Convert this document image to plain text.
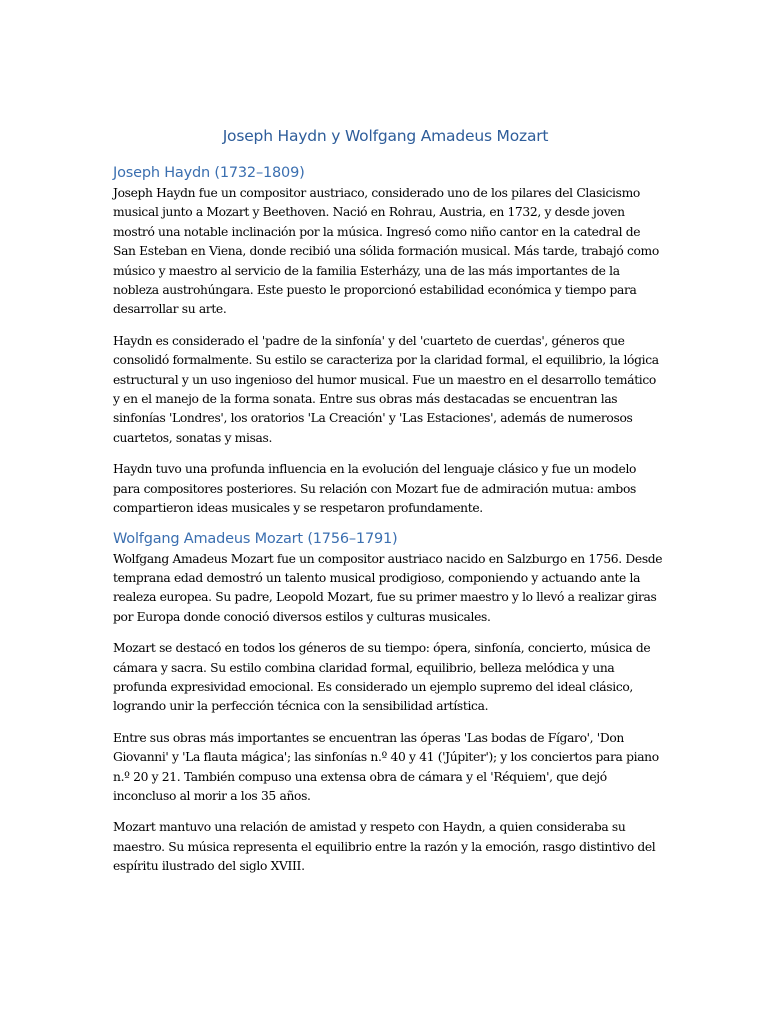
Joseph Haydn y Wolfgang Amadeus Mozart
Joseph Haydn (1732–1809)

Joseph Haydn fue un compositor austriaco, considerado uno de los pilares del Clasicismo
musical junto a Mozart y Beethoven. Nació en Rohrau, Austria, en 1732, y desde joven
mostró una notable inclinación por la música. Ingresó como niño cantor en la catedral de
San Esteban en Viena, donde recibió una sólida formación musical. Más tarde, trabajó como
músico y maestro al servicio de la familia Esterházy, una de las más importantes de la
nobleza austrohúngara. Este puesto le proporcionó estabilidad económica y tiempo para
desarrollar su arte.

Haydn es considerado el 'padre de la sinfonía' y del 'cuarteto de cuerdas', géneros que
consolidó formalmente. Su estilo se caracteriza por la claridad formal, el equilibrio, la lógica
estructural y un uso ingenioso del humor musical. Fue un maestro en el desarrollo temático
y en el manejo de la forma sonata. Entre sus obras más destacadas se encuentran las
sinfonías 'Londres', los oratorios 'La Creación' y 'Las Estaciones', además de numerosos
cuartetos, sonatas y misas.

Haydn tuvo una profunda influencia en la evolución del lenguaje clásico y fue un modelo
para compositores posteriores. Su relación con Mozart fue de admiración mutua: ambos
compartieron ideas musicales y se respetaron profundamente.

Wolfgang Amadeus Mozart (1756–1791)

Wolfgang Amadeus Mozart fue un compositor austriaco nacido en Salzburgo en 1756. Desde
temprana edad demostró un talento musical prodigioso, componiendo y actuando ante la
realeza europea. Su padre, Leopold Mozart, fue su primer maestro y lo llevó a realizar giras
por Europa donde conoció diversos estilos y culturas musicales.

Mozart se destacó en todos los géneros de su tiempo: ópera, sinfonía, concierto, música de
cámara y sacra. Su estilo combina claridad formal, equilibrio, belleza melódica y una
profunda expresividad emocional. Es considerado un ejemplo supremo del ideal clásico,
logrando unir la perfección técnica con la sensibilidad artística.

Entre sus obras más importantes se encuentran las óperas 'Las bodas de Fígaro', 'Don
Giovanni' y 'La flauta mágica'; las sinfonías n.º 40 y 41 ('Júpiter'); y los conciertos para piano
n.º 20 y 21. También compuso una extensa obra de cámara y el 'Réquiem', que dejó
inconcluso al morir a los 35 años.

Mozart mantuvo una relación de amistad y respeto con Haydn, a quien consideraba su
maestro. Su música representa el equilibrio entre la razón y la emoción, rasgo distintivo del
espíritu ilustrado del siglo XVIII.
